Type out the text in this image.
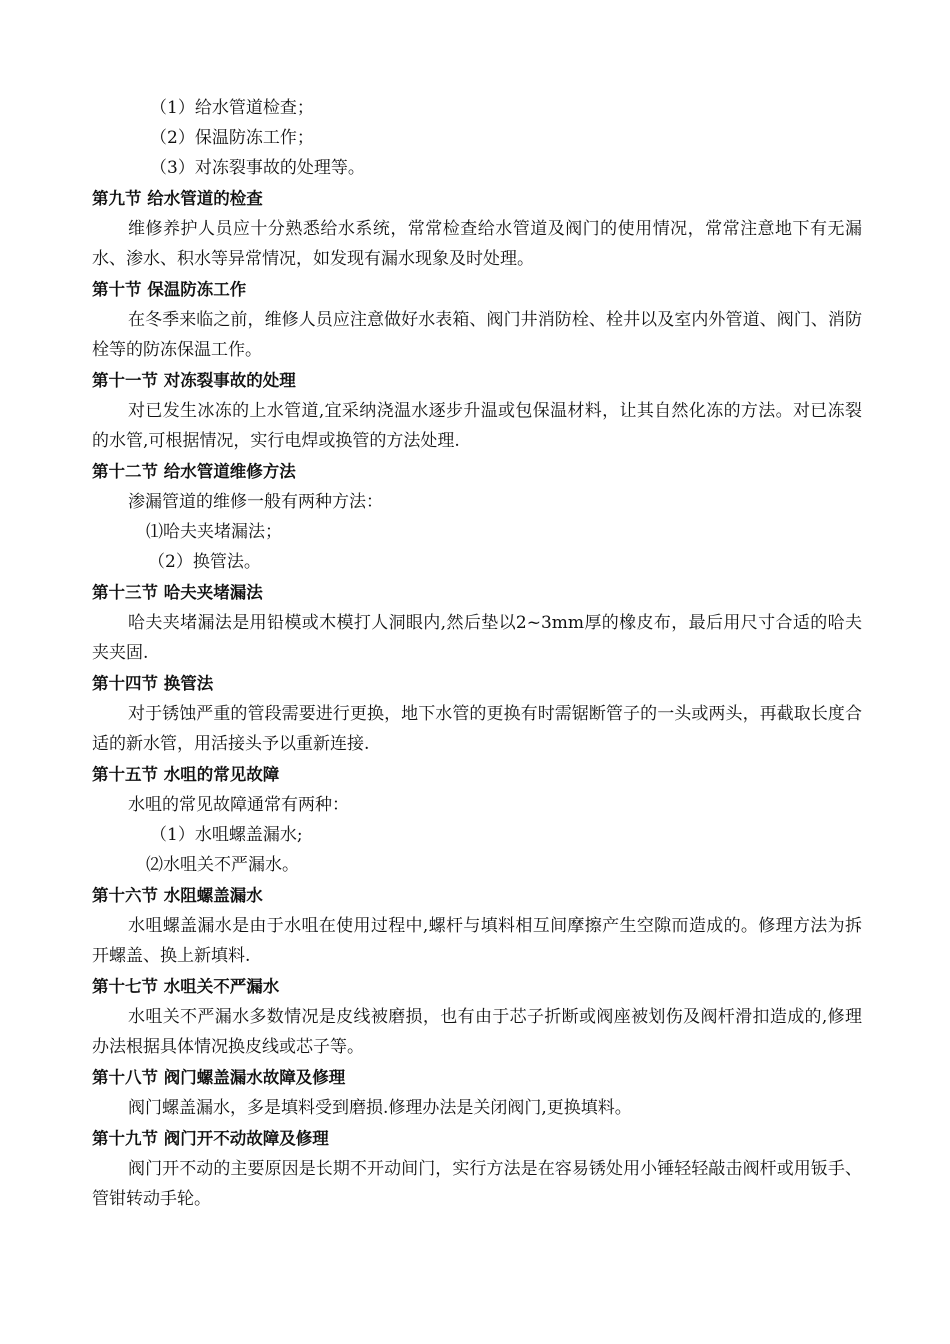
（1）给水管道检查；

（2）保温防冻工作；

（3）对冻裂事故的处理等。

第九节 给水管道的检查

维修养护人员应十分熟悉给水系统，常常检查给水管道及阀门的使用情况，常常注意地下有无漏水、渗水、积水等异常情况，如发现有漏水现象及时处理。

第十节 保温防冻工作

在冬季来临之前，维修人员应注意做好水表箱、阀门井消防栓、栓井以及室内外管道、阀门、消防栓等的防冻保温工作。

第十一节 对冻裂事故的处理

对已发生冰冻的上水管道,宜采纳浇温水逐步升温或包保温材料，让其自然化冻的方法。对已冻裂的水管,可根据情况，实行电焊或换管的方法处理.

第十二节 给水管道维修方法

渗漏管道的维修一般有两种方法：

⑴哈夫夹堵漏法；

（2）换管法。

第十三节 哈夫夹堵漏法

哈夫夹堵漏法是用铅模或木模打人洞眼内,然后垫以2~3mm厚的橡皮布，最后用尺寸合适的哈夫夹夹固.

第十四节 换管法

对于锈蚀严重的管段需要进行更换，地下水管的更换有时需锯断管子的一头或两头，再截取长度合适的新水管，用活接头予以重新连接.

第十五节 水咀的常见故障

水咀的常见故障通常有两种：

（1）水咀螺盖漏水;

⑵水咀关不严漏水。

第十六节 水阻螺盖漏水

水咀螺盖漏水是由于水咀在使用过程中,螺杆与填料相互间摩擦产生空隙而造成的。修理方法为拆开螺盖、换上新填料.

第十七节 水咀关不严漏水

水咀关不严漏水多数情况是皮线被磨损，也有由于芯子折断或阀座被划伤及阀杆滑扣造成的,修理办法根据具体情况换皮线或芯子等。

第十八节 阀门螺盖漏水故障及修理

阀门螺盖漏水，多是填料受到磨损.修理办法是关闭阀门,更换填料。

第十九节 阀门开不动故障及修理

阀门开不动的主要原因是长期不开动间门，实行方法是在容易锈处用小锤轻轻敲击阀杆或用钣手、管钳转动手轮。
